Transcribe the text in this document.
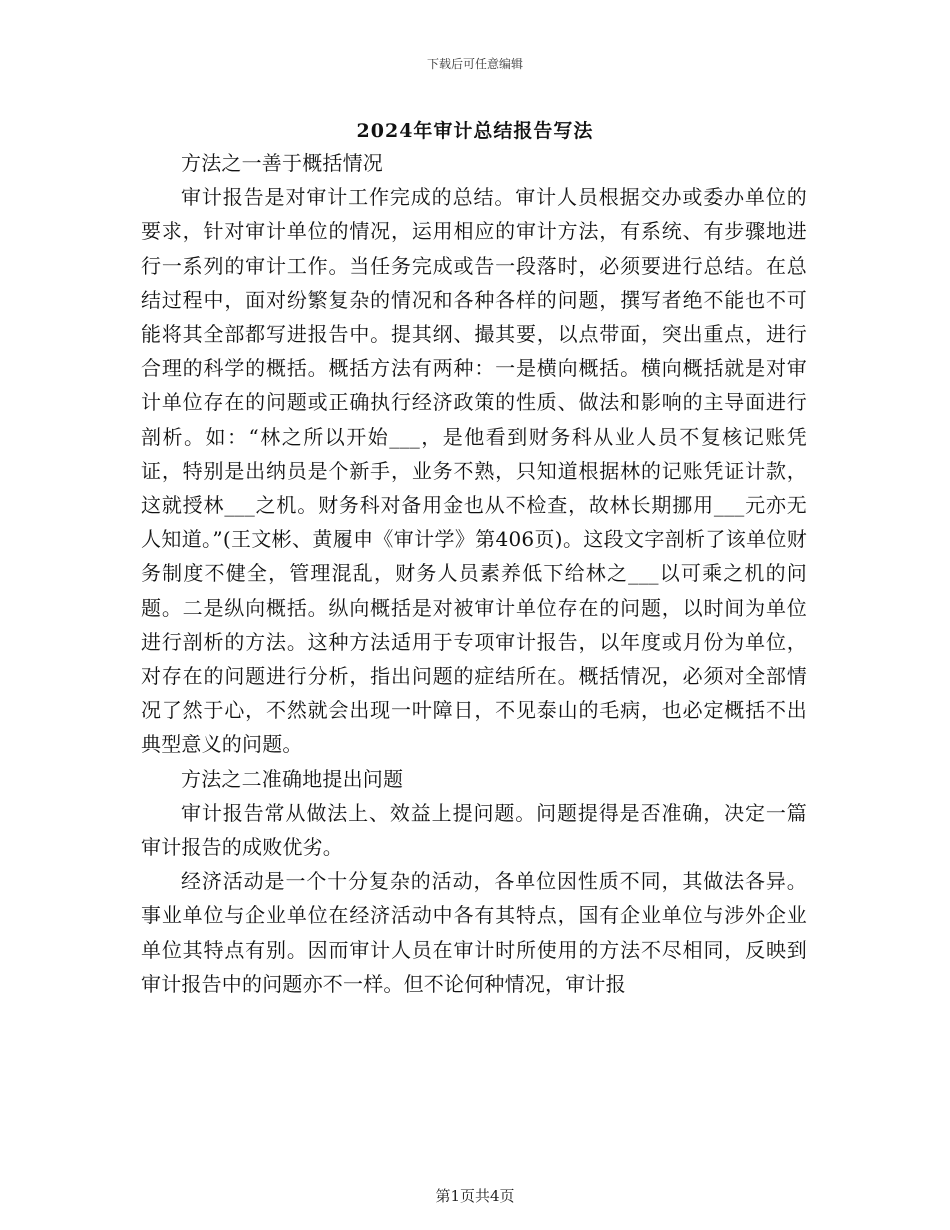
下载后可任意编辑
2024年审计总结报告写法

方法之一善于概括情况

审计报告是对审计工作完成的总结。审计人员根据交办或委办单位的要求，针对审计单位的情况，运用相应的审计方法，有系统、有步骤地进行一系列的审计工作。当任务完成或告一段落时，必须要进行总结。在总结过程中，面对纷繁复杂的情况和各种各样的问题，撰写者绝不能也不可能将其全部都写进报告中。提其纲、撮其要，以点带面，突出重点，进行合理的科学的概括。概括方法有两种：一是横向概括。横向概括就是对审计单位存在的问题或正确执行经济政策的性质、做法和影响的主导面进行剖析。如：“林之所以开始___，是他看到财务科从业人员不复核记账凭证，特别是出纳员是个新手，业务不熟，只知道根据林的记账凭证计款，这就授林___之机。财务科对备用金也从不检查，故林长期挪用___元亦无人知道。”(王文彬、黄履申《审计学》第406页)。这段文字剖析了该单位财务制度不健全，管理混乱，财务人员素养低下给林之___以可乘之机的问题。二是纵向概括。纵向概括是对被审计单位存在的问题，以时间为单位进行剖析的方法。这种方法适用于专项审计报告，以年度或月份为单位，对存在的问题进行分析，指出问题的症结所在。概括情况，必须对全部情况了然于心，不然就会出现一叶障日，不见泰山的毛病，也必定概括不出典型意义的问题。

方法之二准确地提出问题

审计报告常从做法上、效益上提问题。问题提得是否准确，决定一篇审计报告的成败优劣。

经济活动是一个十分复杂的活动，各单位因性质不同，其做法各异。事业单位与企业单位在经济活动中各有其特点，国有企业单位与涉外企业单位其特点有别。因而审计人员在审计时所使用的方法不尽相同，反映到审计报告中的问题亦不一样。但不论何种情况，审计报

第1页共4页
